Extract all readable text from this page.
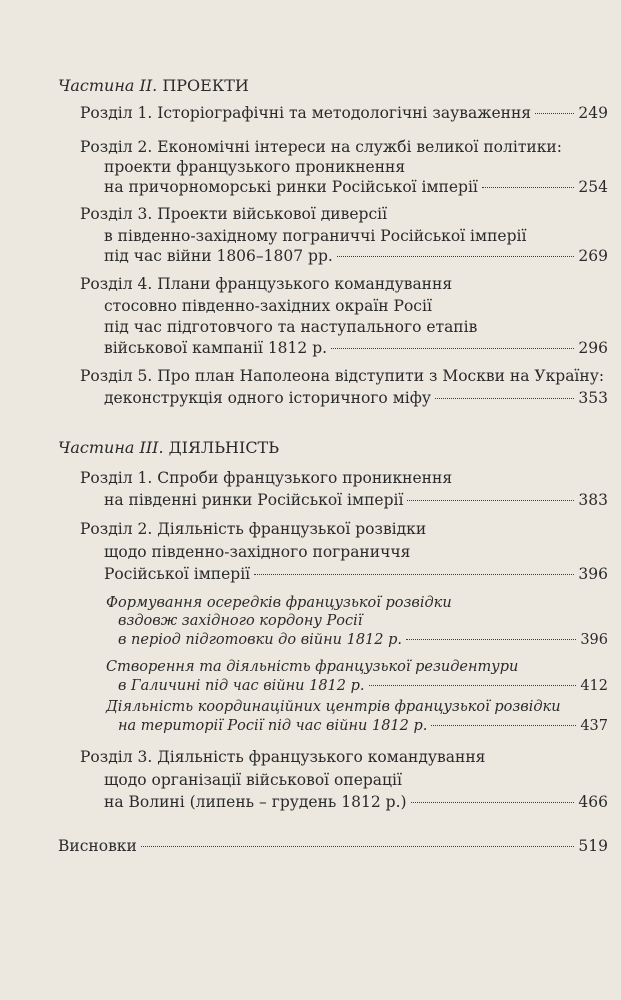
Частина II. ПРОЕКТИ
Розділ 1. Історіографічні та методологічні зауваження	249
Розділ 2. Економічні інтереси на службі великої політики:
проекти французького проникнення
на причорноморські ринки Російської імперії	254
Розділ 3. Проекти військової диверсії
в південно-західному пограниччі Російської імперії
під час війни 1806–1807 рр.	269
Розділ 4. Плани французького командування
стосовно південно-західних окраїн Росії
під час підготовчого та наступального етапів
військової кампанії 1812 р.	296
Розділ 5. Про план Наполеона відступити з Москви на Україну:
деконструкція одного історичного міфу	353
Частина III. ДІЯЛЬНІСТЬ
Розділ 1. Спроби французького проникнення
на південні ринки Російської імперії	383
Розділ 2. Діяльність французької розвідки
щодо південно-західного пограниччя
Російської імперії	396
Формування осередків французької розвідки
вздовж західного кордону Росії
в період підготовки до війни 1812 р.	396
Створення та діяльність французької резидентури
в Галичині під час війни 1812 р.	412
Діяльність координаційних центрів французької розвідки
на території Росії під час війни 1812 р.	437
Розділ 3. Діяльність французького командування
щодо організації військової операції
на Волині (липень – грудень 1812 р.)	466
Висновки	519
